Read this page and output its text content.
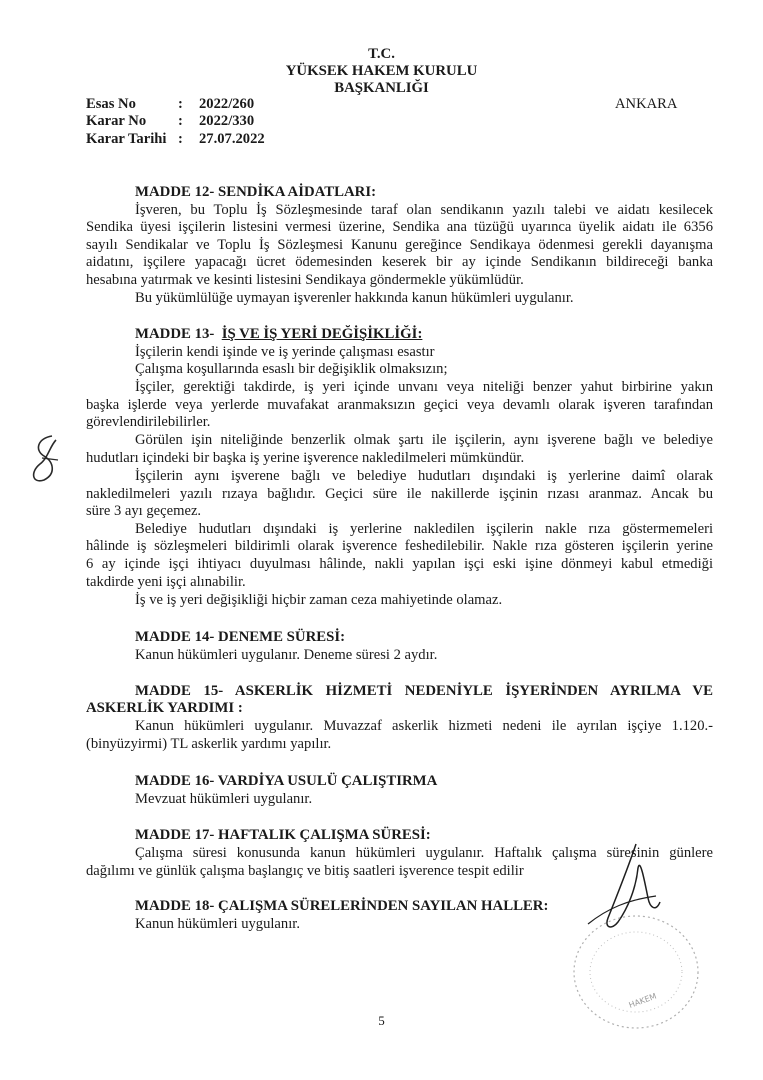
T.C.
YÜKSEK HAKEM KURULU
BAŞKANLIĞI
ANKARA
Esas No	:	2022/260
Karar No	:	2022/330
Karar Tarihi :	27.07.2022
MADDE 12- SENDİKA AİDATLARI:
İşveren, bu Toplu İş Sözleşmesinde taraf olan sendikanın yazılı talebi ve aidatı kesilecek
Sendika üyesi işçilerin listesini vermesi üzerine, Sendika ana tüzüğü uyarınca üyelik aidatı ile 6356
sayılı Sendikalar ve Toplu İş Sözleşmesi Kanunu gereğince Sendikaya ödenmesi gerekli dayanışma
aidatını, işçilere yapacağı ücret ödemesinden keserek bir ay içinde Sendikanın bildireceği banka
hesabına yatırmak ve kesinti listesini Sendikaya göndermekle yükümlüdür.
Bu yükümlülüğe uymayan işverenler hakkında kanun hükümleri uygulanır.
MADDE 13-  İŞ VE İŞ YERİ DEĞİŞİKLİĞİ:
İşçilerin kendi işinde ve iş yerinde çalışması esastır
Çalışma koşullarında esaslı bir değişiklik olmaksızın;
İşçiler, gerektiği takdirde, iş yeri içinde unvanı veya niteliği benzer yahut birbirine yakın
başka işlerde veya yerlerde muvafakat aranmaksızın geçici veya devamlı olarak işveren tarafından
görevlendirilebilirler.
Görülen işin niteliğinde benzerlik olmak şartı ile işçilerin, aynı işverene bağlı ve belediye
hudutları içindeki bir başka iş yerine işverence nakledilmeleri mümkündür.
İşçilerin aynı işverene bağlı ve belediye hudutları dışındaki iş yerlerine daimî olarak
nakledilmeleri yazılı rızaya bağlıdır. Geçici süre ile nakillerde işçinin rızası aranmaz. Ancak bu
süre 3 ayı geçemez.
Belediye hudutları dışındaki iş yerlerine nakledilen işçilerin nakle rıza göstermemeleri
hâlinde iş sözleşmeleri bildirimli olarak işverence feshedilebilir. Nakle rıza gösteren işçilerin yerine
6 ay içinde işçi ihtiyacı duyulması hâlinde, nakli yapılan işçi eski işine dönmeyi kabul etmediği
takdirde yeni işçi alınabilir.
İş ve iş yeri değişikliği hiçbir zaman ceza mahiyetinde olamaz.
MADDE 14- DENEME SÜRESİ:
Kanun hükümleri uygulanır. Deneme süresi 2 aydır.
MADDE 15- ASKERLİK HİZMETİ NEDENİYLE İŞYERİNDEN AYRILMA VE
ASKERLİK YARDIMI :
Kanun hükümleri uygulanır. Muvazzaf askerlik hizmeti nedeni ile ayrılan işçiye 1.120.-
(binyüzyirmi) TL askerlik yardımı yapılır.
MADDE 16- VARDİYA USULÜ ÇALIŞTIRMA
Mevzuat hükümleri uygulanır.
MADDE 17- HAFTALIK ÇALIŞMA SÜRESİ:
Çalışma süresi konusunda kanun hükümleri uygulanır. Haftalık çalışma süresinin günlere
dağılımı ve günlük çalışma başlangıç ve bitiş saatleri işverence tespit edilir
MADDE 18- ÇALIŞMA SÜRELERİNDEN SAYILAN HALLER:
Kanun hükümleri uygulanır.
HAKEM
5
